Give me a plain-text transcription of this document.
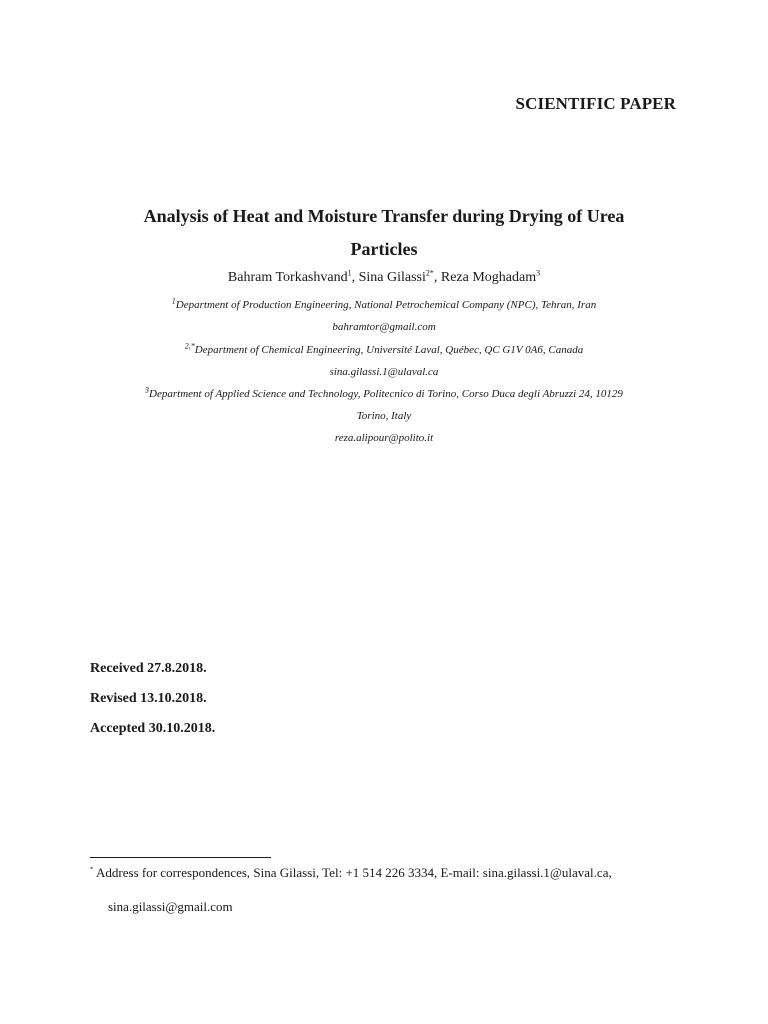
SCIENTIFIC PAPER
Analysis of Heat and Moisture Transfer during Drying of Urea
Particles
Bahram Torkashvand$^1$, Sina Gilassi$^{2*}$, Reza Moghadam$^3$
$^1$Department of Production Engineering, National Petrochemical Company (NPC), Tehran, Iran
bahramtor@gmail.com
$^{2,*}$Department of Chemical Engineering, Université Laval, Québec, QC G1V 0A6, Canada
sina.gilassi.1@ulaval.ca
$^3$Department of Applied Science and Technology, Politecnico di Torino, Corso Duca degli Abruzzi 24, 10129
Torino, Italy
reza.alipour@polito.it
Received 27.8.2018.
Revised 13.10.2018.
Accepted 30.10.2018.
* Address for correspondences, Sina Gilassi, Tel: +1 514 226 3334, E-mail: sina.gilassi.1@ulaval.ca,
sina.gilassi@gmail.com
